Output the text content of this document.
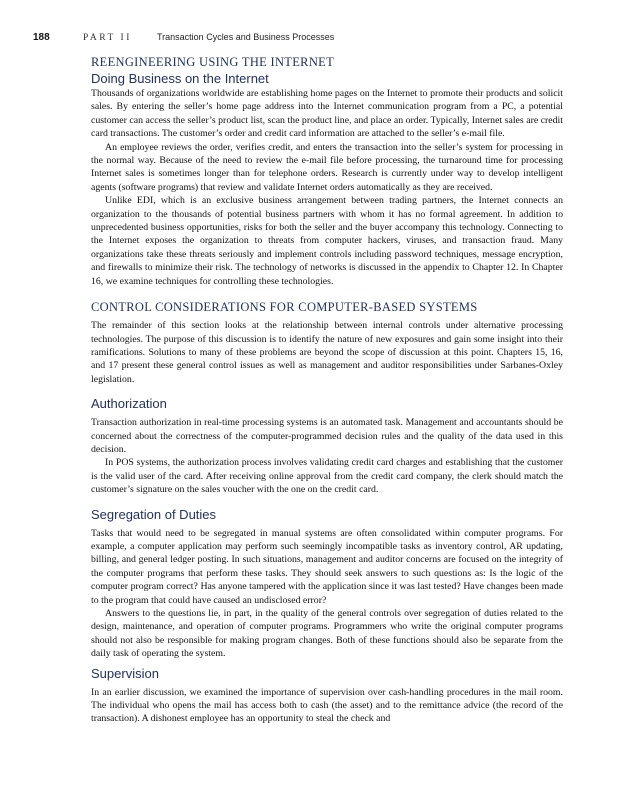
188	PART II	Transaction Cycles and Business Processes
REENGINEERING USING THE INTERNET
Doing Business on the Internet

Thousands of organizations worldwide are establishing home pages on the Internet to promote their products and solicit sales. By entering the seller’s home page address into the Internet communication program from a PC, a potential customer can access the seller’s product list, scan the product line, and place an order. Typically, Internet sales are credit card transactions. The customer’s order and credit card information are attached to the seller’s e-mail file.

An employee reviews the order, verifies credit, and enters the transaction into the seller’s system for processing in the normal way. Because of the need to review the e-mail file before processing, the turnaround time for processing Internet sales is sometimes longer than for telephone orders. Research is currently under way to develop intelligent agents (software programs) that review and validate Internet orders automatically as they are received.

Unlike EDI, which is an exclusive business arrangement between trading partners, the Internet connects an organization to the thousands of potential business partners with whom it has no formal agreement. In addition to unprecedented business opportunities, risks for both the seller and the buyer accompany this technology. Connecting to the Internet exposes the organization to threats from computer hackers, viruses, and transaction fraud. Many organizations take these threats seriously and implement controls including password techniques, message encryption, and firewalls to minimize their risk. The technology of networks is discussed in the appendix to Chapter 12. In Chapter 16, we examine techniques for controlling these technologies.

CONTROL CONSIDERATIONS FOR COMPUTER-BASED SYSTEMS

The remainder of this section looks at the relationship between internal controls under alternative processing technologies. The purpose of this discussion is to identify the nature of new exposures and gain some insight into their ramifications. Solutions to many of these problems are beyond the scope of discussion at this point. Chapters 15, 16, and 17 present these general control issues as well as management and auditor responsibilities under Sarbanes-Oxley legislation.

Authorization

Transaction authorization in real-time processing systems is an automated task. Management and accountants should be concerned about the correctness of the computer-programmed decision rules and the quality of the data used in this decision.

In POS systems, the authorization process involves validating credit card charges and establishing that the customer is the valid user of the card. After receiving online approval from the credit card company, the clerk should match the customer’s signature on the sales voucher with the one on the credit card.

Segregation of Duties

Tasks that would need to be segregated in manual systems are often consolidated within computer programs. For example, a computer application may perform such seemingly incompatible tasks as inventory control, AR updating, billing, and general ledger posting. In such situations, management and auditor concerns are focused on the integrity of the computer programs that perform these tasks. They should seek answers to such questions as: Is the logic of the computer program correct? Has anyone tampered with the application since it was last tested? Have changes been made to the program that could have caused an undisclosed error?

Answers to the questions lie, in part, in the quality of the general controls over segregation of duties related to the design, maintenance, and operation of computer programs. Programmers who write the original computer programs should not also be responsible for making program changes. Both of these functions should also be separate from the daily task of operating the system.

Supervision

In an earlier discussion, we examined the importance of supervision over cash-handling procedures in the mail room. The individual who opens the mail has access both to cash (the asset) and to the remittance advice (the record of the transaction). A dishonest employee has an opportunity to steal the check and
